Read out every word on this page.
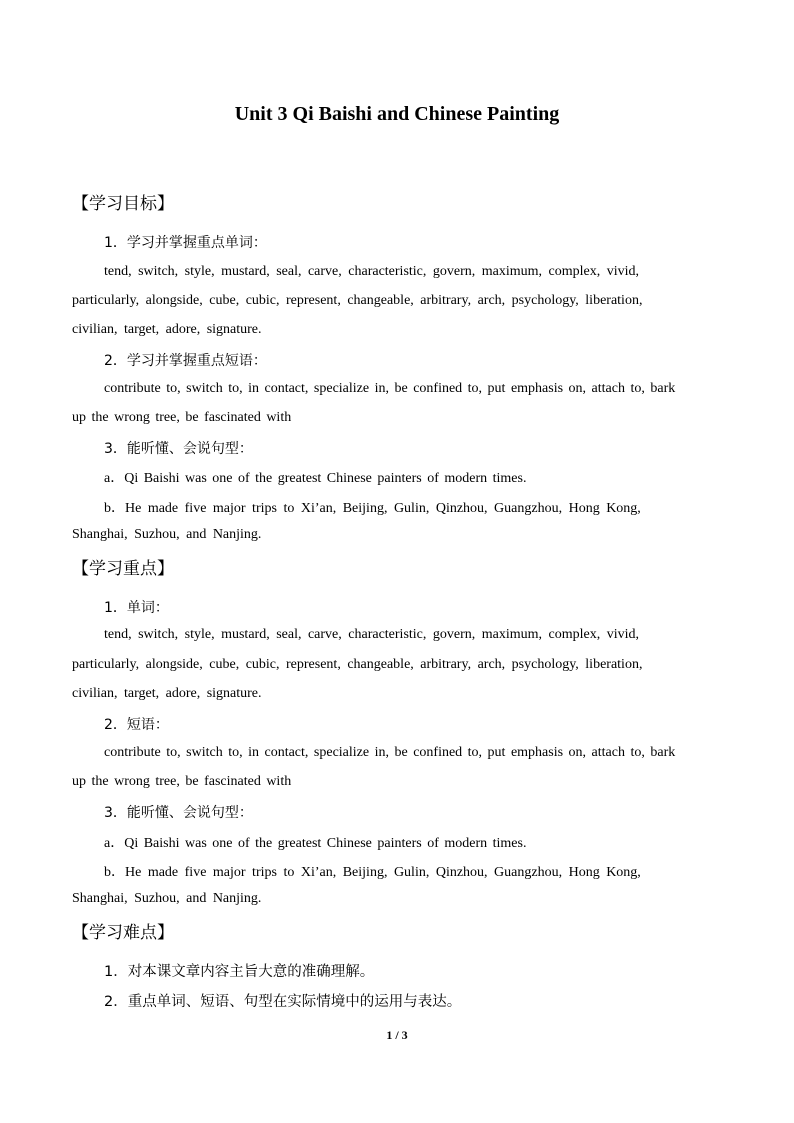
Unit 3 Qi Baishi and Chinese Painting
【学习目标】
1．学习并掌握重点单词：
tend, switch, style, mustard, seal, carve, characteristic, govern, maximum, complex, vivid,
particularly, alongside, cube, cubic, represent, changeable, arbitrary, arch, psychology, liberation,
civilian, target, adore, signature.
2．学习并掌握重点短语：
contribute to, switch to, in contact, specialize in, be confined to, put emphasis on, attach to, bark
up the wrong tree, be fascinated with
3．能听懂、会说句型：
a．Qi Baishi was one of the greatest Chinese painters of modern times.
b．He made five major trips to Xi’an, Beijing, Gulin, Qinzhou, Guangzhou, Hong Kong,
Shanghai, Suzhou, and Nanjing.
【学习重点】
1．单词：
tend, switch, style, mustard, seal, carve, characteristic, govern, maximum, complex, vivid,
particularly, alongside, cube, cubic, represent, changeable, arbitrary, arch, psychology, liberation,
civilian, target, adore, signature.
2．短语：
contribute to, switch to, in contact, specialize in, be confined to, put emphasis on, attach to, bark
up the wrong tree, be fascinated with
3．能听懂、会说句型：
a．Qi Baishi was one of the greatest Chinese painters of modern times.
b．He made five major trips to Xi’an, Beijing, Gulin, Qinzhou, Guangzhou, Hong Kong,
Shanghai, Suzhou, and Nanjing.
【学习难点】
1．对本课文章内容主旨大意的准确理解。
2．重点单词、短语、句型在实际情境中的运用与表达。
1 / 3
